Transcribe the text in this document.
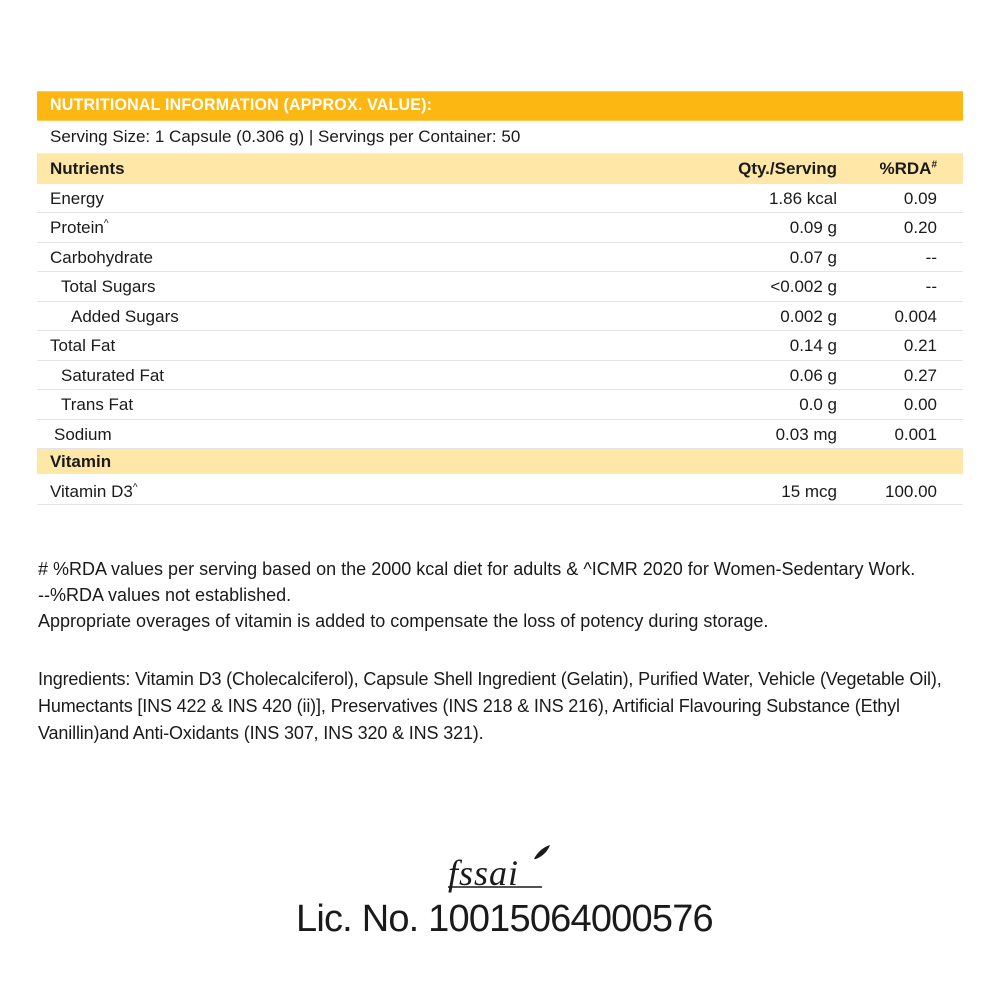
NUTRITIONAL INFORMATION (APPROX. VALUE):
Serving Size: 1 Capsule (0.306 g) | Servings per Container: 50
Nutrients	Qty./Serving	%RDA#
Energy	1.86 kcal	0.09
Protein^	0.09 g	0.20
Carbohydrate	0.07 g	--
Total Sugars	<0.002 g	--
Added Sugars	0.002 g	0.004
Total Fat	0.14 g	0.21
Saturated Fat	0.06 g	0.27
Trans Fat	0.0 g	0.00
Sodium	0.03 mg	0.001
Vitamin
Vitamin D3^	15 mcg	100.00

# %RDA values per serving based on the 2000 kcal diet for adults & ^ICMR 2020 for Women-Sedentary Work.

--%RDA values not established.

Appropriate overages of vitamin is added to compensate the loss of potency during storage.

Ingredients: Vitamin D3 (Cholecalciferol), Capsule Shell Ingredient (Gelatin), Purified Water, Vehicle (Vegetable Oil), Humectants [INS 422 & INS 420 (ii)], Preservatives (INS 218 & INS 216), Artificial Flavouring Substance (Ethyl Vanillin)and Anti-Oxidants (INS 307, INS 320 & INS 321).
fssai
Lic. No. 10015064000576
